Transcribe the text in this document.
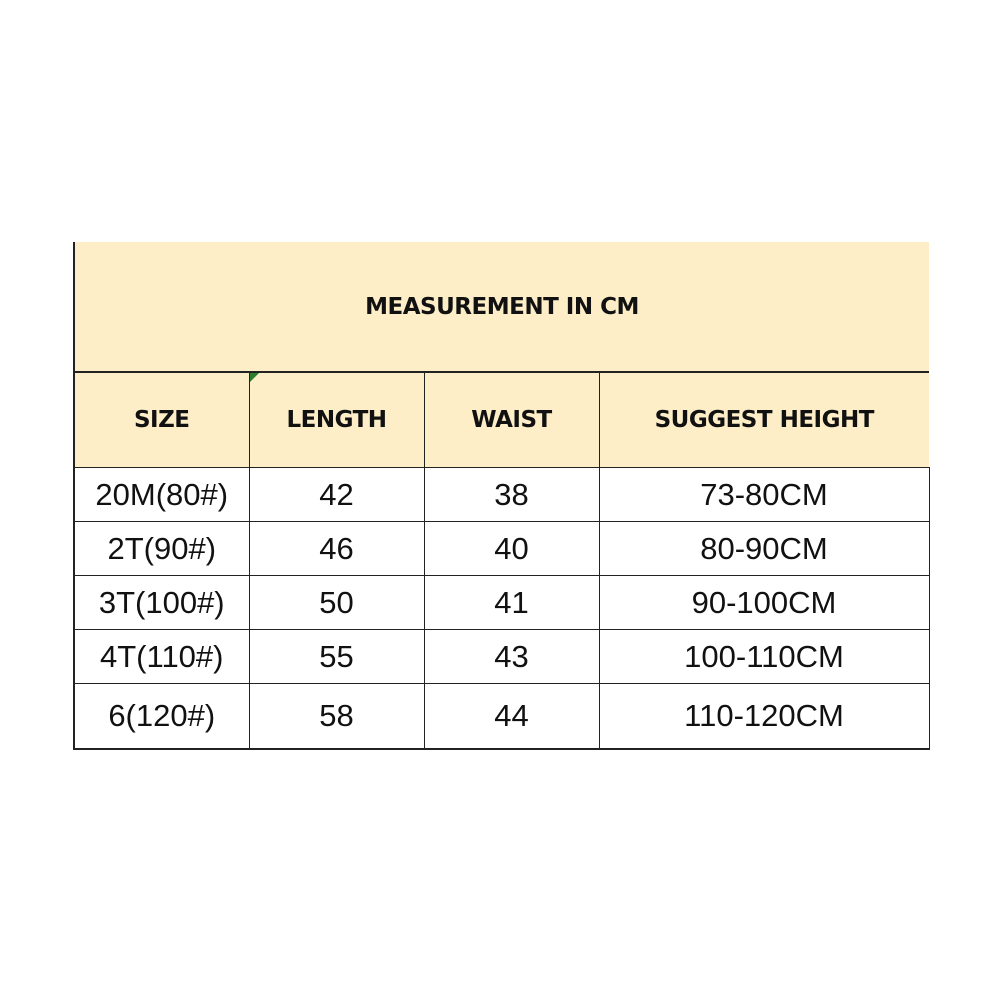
MEASUREMENT IN CM			
SIZE	LENGTH	WAIST	SUGGEST HEIGHT
20M(80#)	42	38	73-80CM
2T(90#)	46	40	80-90CM
3T(100#)	50	41	90-100CM
4T(110#)	55	43	100-110CM
6(120#)	58	44	110-120CM
